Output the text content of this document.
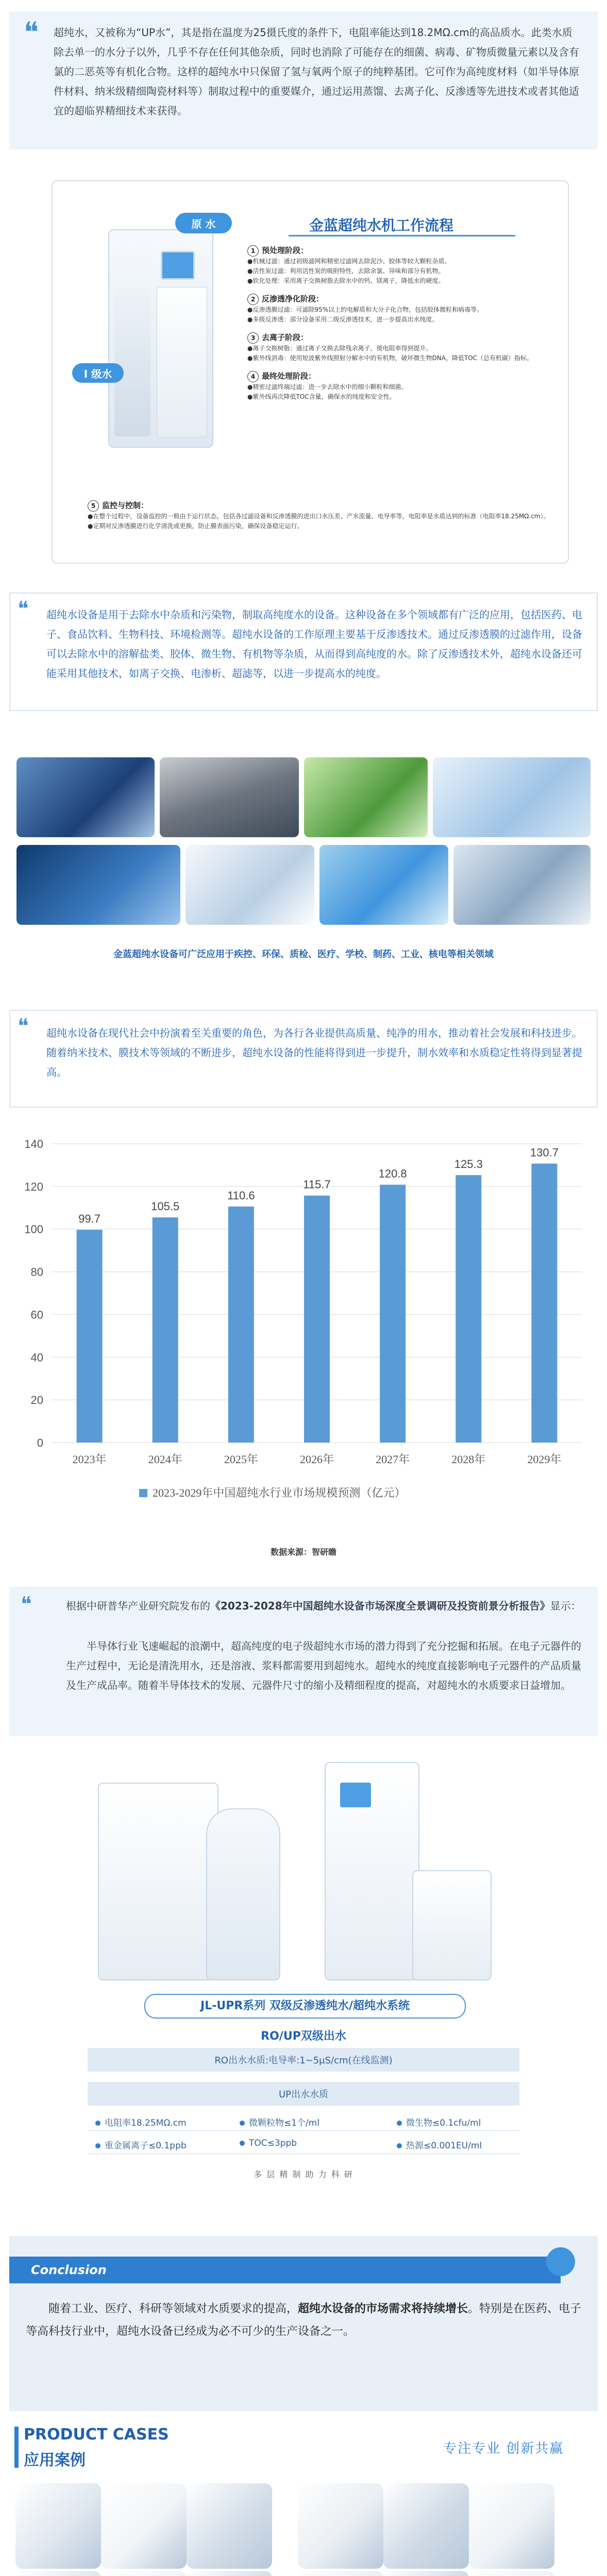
❝ 超纯水，又被称为“UP水”，其是指在温度为25摄氏度的条件下，电阻率能达到18.2MΩ.cm的高品质水。此类水质除去单一的水分子以外，几乎不存在任何其他杂质，同时也消除了可能存在的细菌、病毒、矿物质微量元素以及含有氯的二恶英等有机化合物。这样的超纯水中只保留了氢与氧两个原子的纯粹基团。它可作为高纯度材料（如半导体原件材料、纳米级精细陶瓷材料等）制取过程中的重要媒介，通过运用蒸馏、去离子化、反渗透等先进技术或者其他适宜的超临界精细技术来获得。
原 水
I 级水
金蓝超纯水机工作流程
1 预处理阶段：
●机械过滤：通过初级滤网和精密过滤网去除泥沙、胶体等较大颗粒杂质。
●活性炭过滤：利用活性炭的吸附特性，去除余氯、异味和部分有机物。
●软化处理：采用离子交换树脂去除水中的钙、镁离子，降低水的硬度。
2 反渗透净化阶段：
●反渗透膜过滤：可滤除95%以上的电解质和大分子化合物，包括胶体微粒和病毒等。
●多级反渗透：部分设备采用二级反渗透技术，进一步提高出水纯度。
3 去离子阶段：
●离子交换树脂：通过离子交换去除残余离子，使电阻率得到提升。
●紫外线消毒：使用短波紫外线照射分解水中的有机物，破坏微生物DNA，降低TOC（总有机碳）指标。
4 最终处理阶段：
●精密过滤终端过滤：进一步去除水中的细小颗粒和细菌。
●紫外线再次降低TOC含量，确保水的纯度和安全性。
5 监控与控制：
●在整个过程中，设备监控的一般由于运行状态，包括各过滤设备和反渗透膜的进出口水压差、产水流量、电导率等，电阻率是水质达到的标准（电阻率18.25MΩ.cm）。
●定期对反渗透膜进行化学清洗或更换，防止膜表面污染，确保设备稳定运行。
❝ 超纯水设备是用于去除水中杂质和污染物，制取高纯度水的设备。这种设备在多个领域都有广泛的应用，包括医药、电子、食品饮料、生物科技、环境检测等。超纯水设备的工作原理主要基于反渗透技术。通过反渗透膜的过滤作用，设备可以去除水中的溶解盐类、胶体、微生物、有机物等杂质，从而得到高纯度的水。除了反渗透技术外，超纯水设备还可能采用其他技术，如离子交换、电渗析、超滤等，以进一步提高水的纯度。
金蓝超纯水设备可广泛应用于疾控、环保、质检、医疗、学校、制药、工业、核电等相关领域
❝ 超纯水设备在现代社会中扮演着至关重要的角色，为各行各业提供高质量、纯净的用水，推动着社会发展和科技进步。随着纳米技术、膜技术等领域的不断进步，超纯水设备的性能将得到进一步提升，制水效率和水质稳定性将得到显著提高。
0
20
40
60
80
100
120
140
99.7
2023年
105.5
2024年
110.6
2025年
115.7
2026年
120.8
2027年
125.3
2028年
130.7
2029年
2023-2029年中国超纯水行业市场规模预测（亿元）
数据来源：智研瞻
❝	根据中研普华产业研究院发布的《2023-2028年中国超纯水设备市场深度全景调研及投资前景分析报告》显示：
半导体行业飞速崛起的浪潮中，超高纯度的电子级超纯水市场的潜力得到了充分挖掘和拓展。在电子元器件的生产过程中，无论是清洗用水，还是溶液、浆料都需要用到超纯水。超纯水的纯度直接影响电子元器件的产品质量及生产成品率。随着半导体技术的发展、元器件尺寸的缩小及精细程度的提高，对超纯水的水质要求日益增加。
JL-UPR系列 双级反渗透纯水/超纯水系统
RO/UP双级出水
RO出水水质:电导率:1~5μS/cm(在线监测)
UP出水水质
电阻率18.25MΩ.cm	微颗粒物≤1个/ml	微生物≤0.1cfu/ml
重金属离子≤0.1ppb	TOC≤3ppb	热源≤0.001EU/ml
多 层 精 制 助 力 科 研
Conclusion
随着工业、医疗、科研等领域对水质要求的提高，超纯水设备的市场需求将持续增长。特别是在医药、电子等高科技行业中，超纯水设备已经成为必不可少的生产设备之一。
PRODUCT CASES
应用案例
专注专业 创新共赢
